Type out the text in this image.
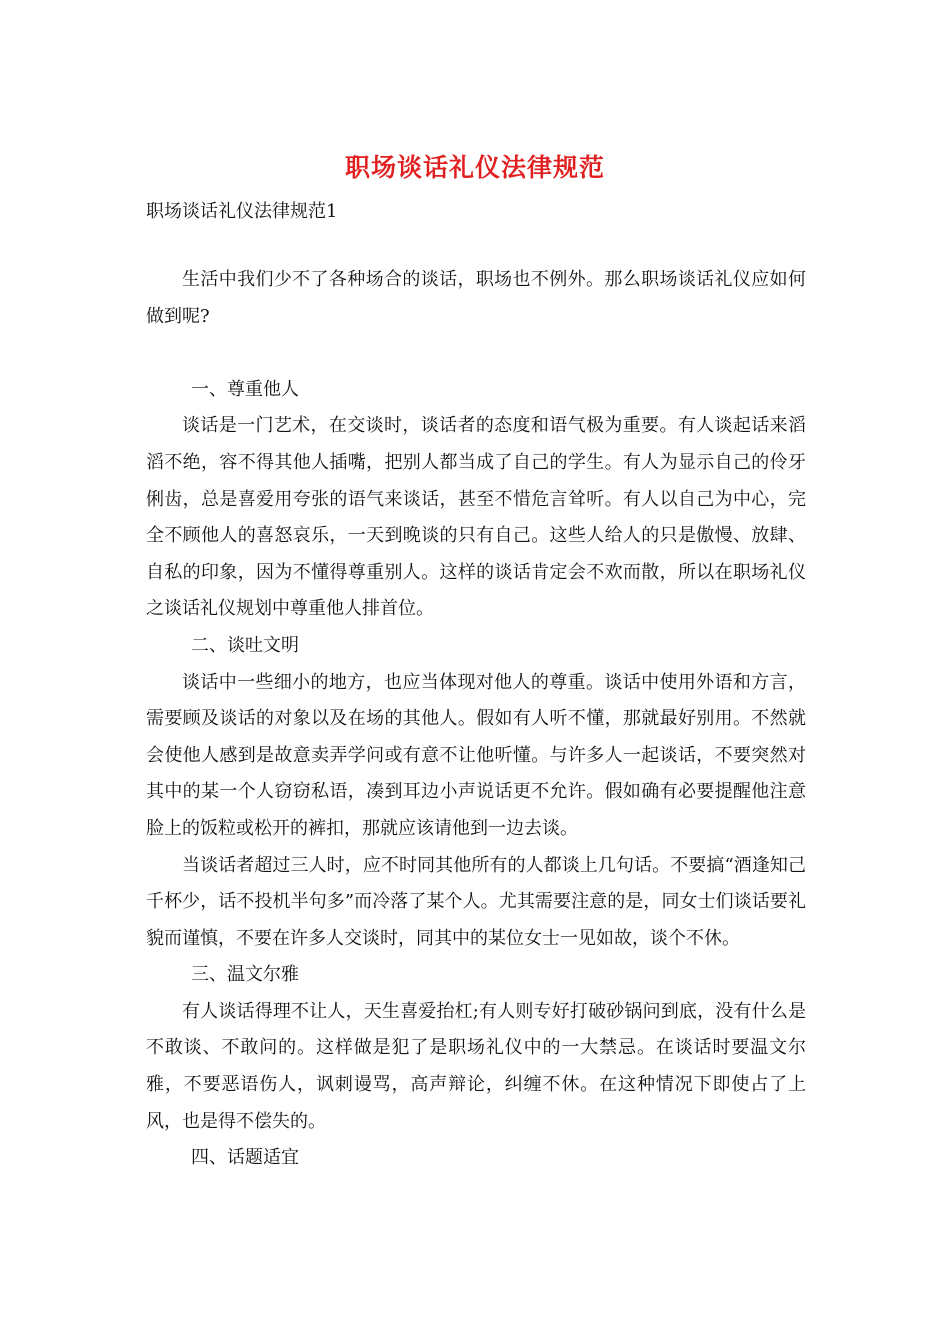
职场谈话礼仪法律规范

职场谈话礼仪法律规范1

生活中我们少不了各种场合的谈话，职场也不例外。那么职场谈话礼仪应如何做到呢?

一、尊重他人

谈话是一门艺术，在交谈时，谈话者的态度和语气极为重要。有人谈起话来滔滔不绝，容不得其他人插嘴，把别人都当成了自己的学生。有人为显示自己的伶牙俐齿，总是喜爱用夸张的语气来谈话，甚至不惜危言耸听。有人以自己为中心，完全不顾他人的喜怒哀乐，一天到晚谈的只有自己。这些人给人的只是傲慢、放肆、自私的印象，因为不懂得尊重别人。这样的谈话肯定会不欢而散，所以在职场礼仪之谈话礼仪规划中尊重他人排首位。

二、谈吐文明

谈话中一些细小的地方，也应当体现对他人的尊重。谈话中使用外语和方言，需要顾及谈话的对象以及在场的其他人。假如有人听不懂，那就最好别用。不然就会使他人感到是故意卖弄学问或有意不让他听懂。与许多人一起谈话，不要突然对其中的某一个人窃窃私语，凑到耳边小声说话更不允许。假如确有必要提醒他注意脸上的饭粒或松开的裤扣，那就应该请他到一边去谈。

当谈话者超过三人时，应不时同其他所有的人都谈上几句话。不要搞“酒逢知己千杯少，话不投机半句多”而冷落了某个人。尤其需要注意的是，同女士们谈话要礼貌而谨慎，不要在许多人交谈时，同其中的某位女士一见如故，谈个不休。

三、温文尔雅

有人谈话得理不让人，天生喜爱抬杠;有人则专好打破砂锅问到底，没有什么是不敢谈、不敢问的。这样做是犯了是职场礼仪中的一大禁忌。在谈话时要温文尔雅，不要恶语伤人，讽刺谩骂，高声辩论，纠缠不休。在这种情况下即使占了上风，也是得不偿失的。

四、话题适宜
